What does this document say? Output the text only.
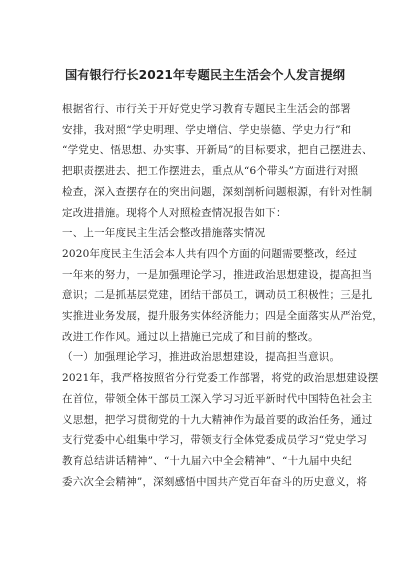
国有银行行长2021年专题民主生活会个人发言提纲
根据省行、市行关于开好党史学习教育专题民主生活会的部署
安排，我对照“学史明理、学史增信、学史崇德、学史力行”和
“学党史、悟思想、办实事、开新局”的目标要求，把自己摆进去、
把职责摆进去、把工作摆进去，重点从“6个带头”方面进行对照
检查，深入查摆存在的突出问题，深刻剖析问题根源，有针对性制
定改进措施。现将个人对照检查情况报告如下：
一、上一年度民主生活会整改措施落实情况
2020年度民主生活会本人共有四个方面的问题需要整改，经过
一年来的努力，一是加强理论学习，推进政治思想建设，提高担当
意识；二是抓基层党建，团结干部员工，调动员工积极性；三是扎
实推进业务发展，提升服务实体经济能力；四是全面落实从严治党，
改进工作作风。通过以上措施已完成了和目前的整改。
（一）加强理论学习，推进政治思想建设，提高担当意识。
2021年，我严格按照省分行党委工作部署，将党的政治思想建设摆
在首位，带领全体干部员工深入学习习近平新时代中国特色社会主
义思想，把学习贯彻党的十九大精神作为最首要的政治任务，通过
支行党委中心组集中学习，带领支行全体党委成员学习“党史学习
教育总结讲话精神”、“十九届六中全会精神”、“十九届中央纪
委六次全会精神”，深刻感悟中国共产党百年奋斗的历史意义，将
